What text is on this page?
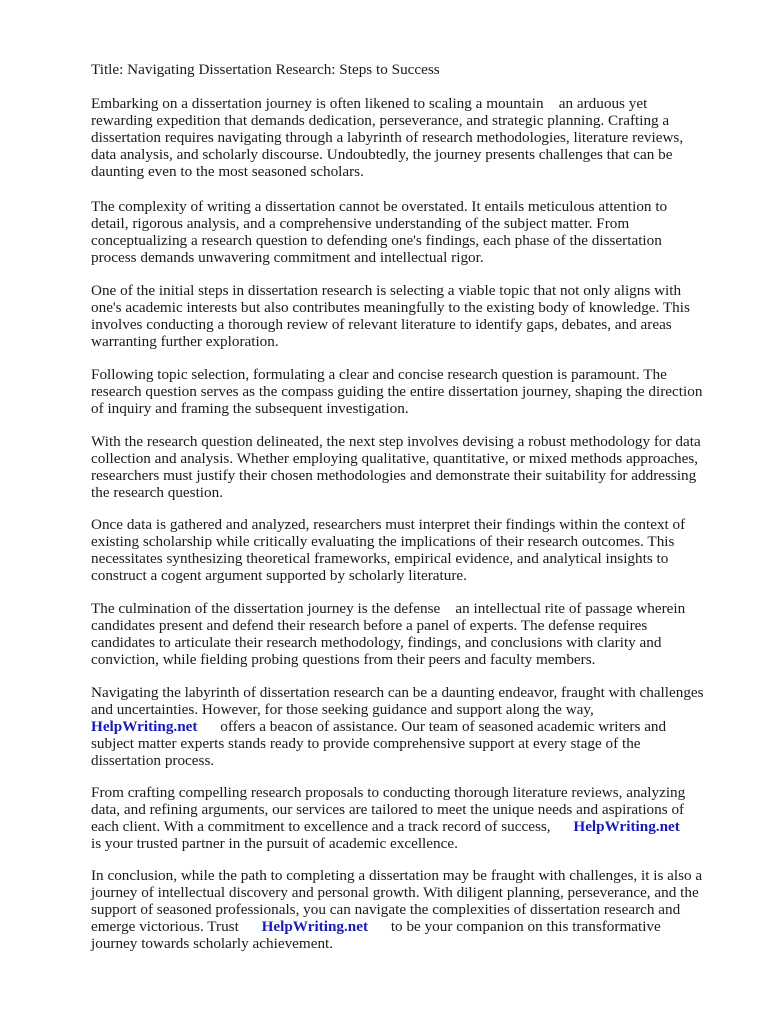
Title: Navigating Dissertation Research: Steps to Success
Embarking on a dissertation journey is often likened to scaling a mountain    an arduous yet
rewarding expedition that demands dedication, perseverance, and strategic planning. Crafting a
dissertation requires navigating through a labyrinth of research methodologies, literature reviews,
data analysis, and scholarly discourse. Undoubtedly, the journey presents challenges that can be
daunting even to the most seasoned scholars.
The complexity of writing a dissertation cannot be overstated. It entails meticulous attention to
detail, rigorous analysis, and a comprehensive understanding of the subject matter. From
conceptualizing a research question to defending one's findings, each phase of the dissertation
process demands unwavering commitment and intellectual rigor.
One of the initial steps in dissertation research is selecting a viable topic that not only aligns with
one's academic interests but also contributes meaningfully to the existing body of knowledge. This
involves conducting a thorough review of relevant literature to identify gaps, debates, and areas
warranting further exploration.
Following topic selection, formulating a clear and concise research question is paramount. The
research question serves as the compass guiding the entire dissertation journey, shaping the direction
of inquiry and framing the subsequent investigation.
With the research question delineated, the next step involves devising a robust methodology for data
collection and analysis. Whether employing qualitative, quantitative, or mixed methods approaches,
researchers must justify their chosen methodologies and demonstrate their suitability for addressing
the research question.
Once data is gathered and analyzed, researchers must interpret their findings within the context of
existing scholarship while critically evaluating the implications of their research outcomes. This
necessitates synthesizing theoretical frameworks, empirical evidence, and analytical insights to
construct a cogent argument supported by scholarly literature.
The culmination of the dissertation journey is the defense    an intellectual rite of passage wherein
candidates present and defend their research before a panel of experts. The defense requires
candidates to articulate their research methodology, findings, and conclusions with clarity and
conviction, while fielding probing questions from their peers and faculty members.
Navigating the labyrinth of dissertation research can be a daunting endeavor, fraught with challenges
and uncertainties. However, for those seeking guidance and support along the way,
HelpWriting.net      offers a beacon of assistance. Our team of seasoned academic writers and
subject matter experts stands ready to provide comprehensive support at every stage of the
dissertation process.
From crafting compelling research proposals to conducting thorough literature reviews, analyzing
data, and refining arguments, our services are tailored to meet the unique needs and aspirations of
each client. With a commitment to excellence and a track record of success,      HelpWriting.net
is your trusted partner in the pursuit of academic excellence.
In conclusion, while the path to completing a dissertation may be fraught with challenges, it is also a
journey of intellectual discovery and personal growth. With diligent planning, perseverance, and the
support of seasoned professionals, you can navigate the complexities of dissertation research and
emerge victorious. Trust      HelpWriting.net      to be your companion on this transformative
journey towards scholarly achievement.
